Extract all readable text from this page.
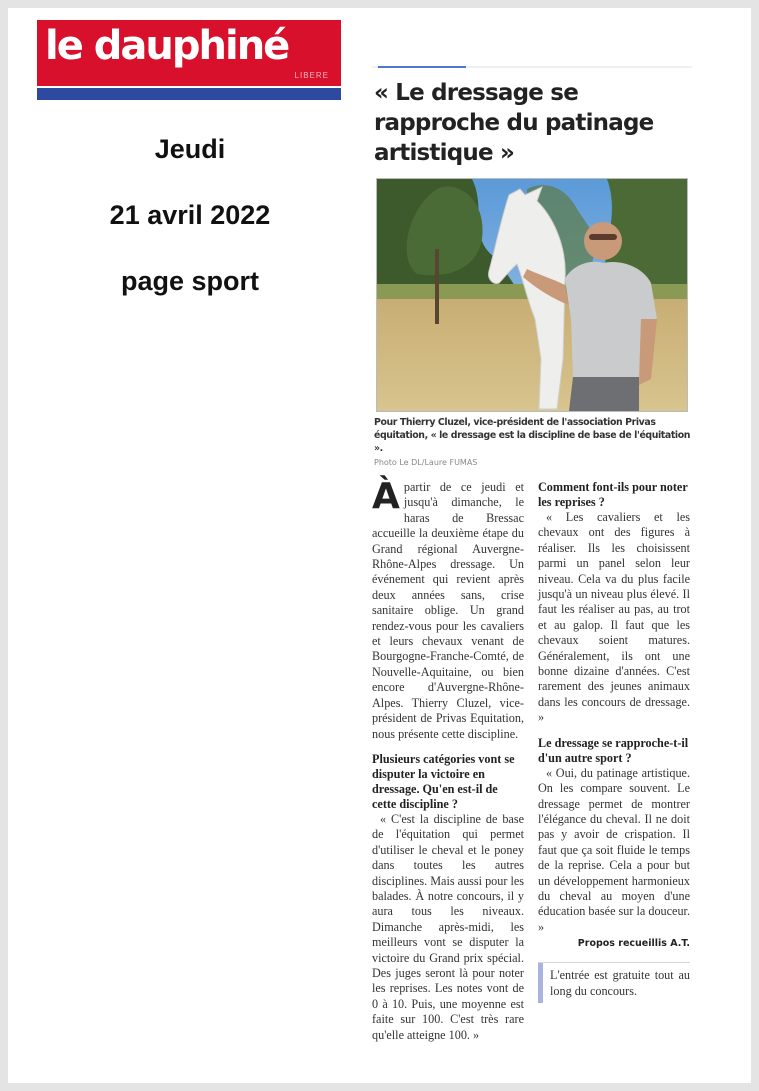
le dauphiné
LIBERE
Jeudi
21 avril 2022
page sport
« Le dressage se rapproche du patinage artistique »
Pour Thierry Cluzel, vice-président de l'association Privas équitation, « le dressage est la discipline de base de l'équitation ».
Photo Le DL/Laure FUMAS

Àpartir de ce jeudi et jusqu'à dimanche, le haras de Bressac accueille la deuxième étape du Grand régional Auvergne-Rhône-Alpes dressage. Un événement qui revient après deux années sans, crise sanitaire oblige. Un grand rendez-vous pour les cavaliers et leurs chevaux venant de Bourgogne-Franche-Comté, de Nouvelle-Aquitaine, ou bien encore d'Auvergne-Rhône-Alpes. Thierry Cluzel, vice-président de Privas Equitation, nous présente cette discipline.

Plusieurs catégories vont se disputer la victoire en dressage. Qu'en est-il de cette discipline ?

« C'est la discipline de base de l'équitation qui permet d'utiliser le cheval et le poney dans toutes les autres disciplines. Mais aussi pour les balades. À notre concours, il y aura tous les niveaux. Dimanche après-midi, les meilleurs vont se disputer la victoire du Grand prix spécial. Des juges seront là pour noter les reprises. Les notes vont de 0 à 10. Puis, une moyenne est faite sur 100. C'est très rare qu'elle atteigne 100. »

Comment font-ils pour noter les reprises ?

« Les cavaliers et les chevaux ont des figures à réaliser. Ils les choisissent parmi un panel selon leur niveau. Cela va du plus facile jusqu'à un niveau plus élevé. Il faut les réaliser au pas, au trot et au galop. Il faut que les chevaux soient matures. Généralement, ils ont une bonne dizaine d'années. C'est rarement des jeunes animaux dans les concours de dressage. »

Le dressage se rapproche-t-il d'un autre sport ?

« Oui, du patinage artistique. On les compare souvent. Le dressage permet de montrer l'élégance du cheval. Il ne doit pas y avoir de crispation. Il faut que ça soit fluide le temps de la reprise. Cela a pour but un développement harmonieux du cheval au moyen d'une éducation basée sur la douceur. »

Propos recueillis A.T.

L'entrée est gratuite tout au long du concours.
